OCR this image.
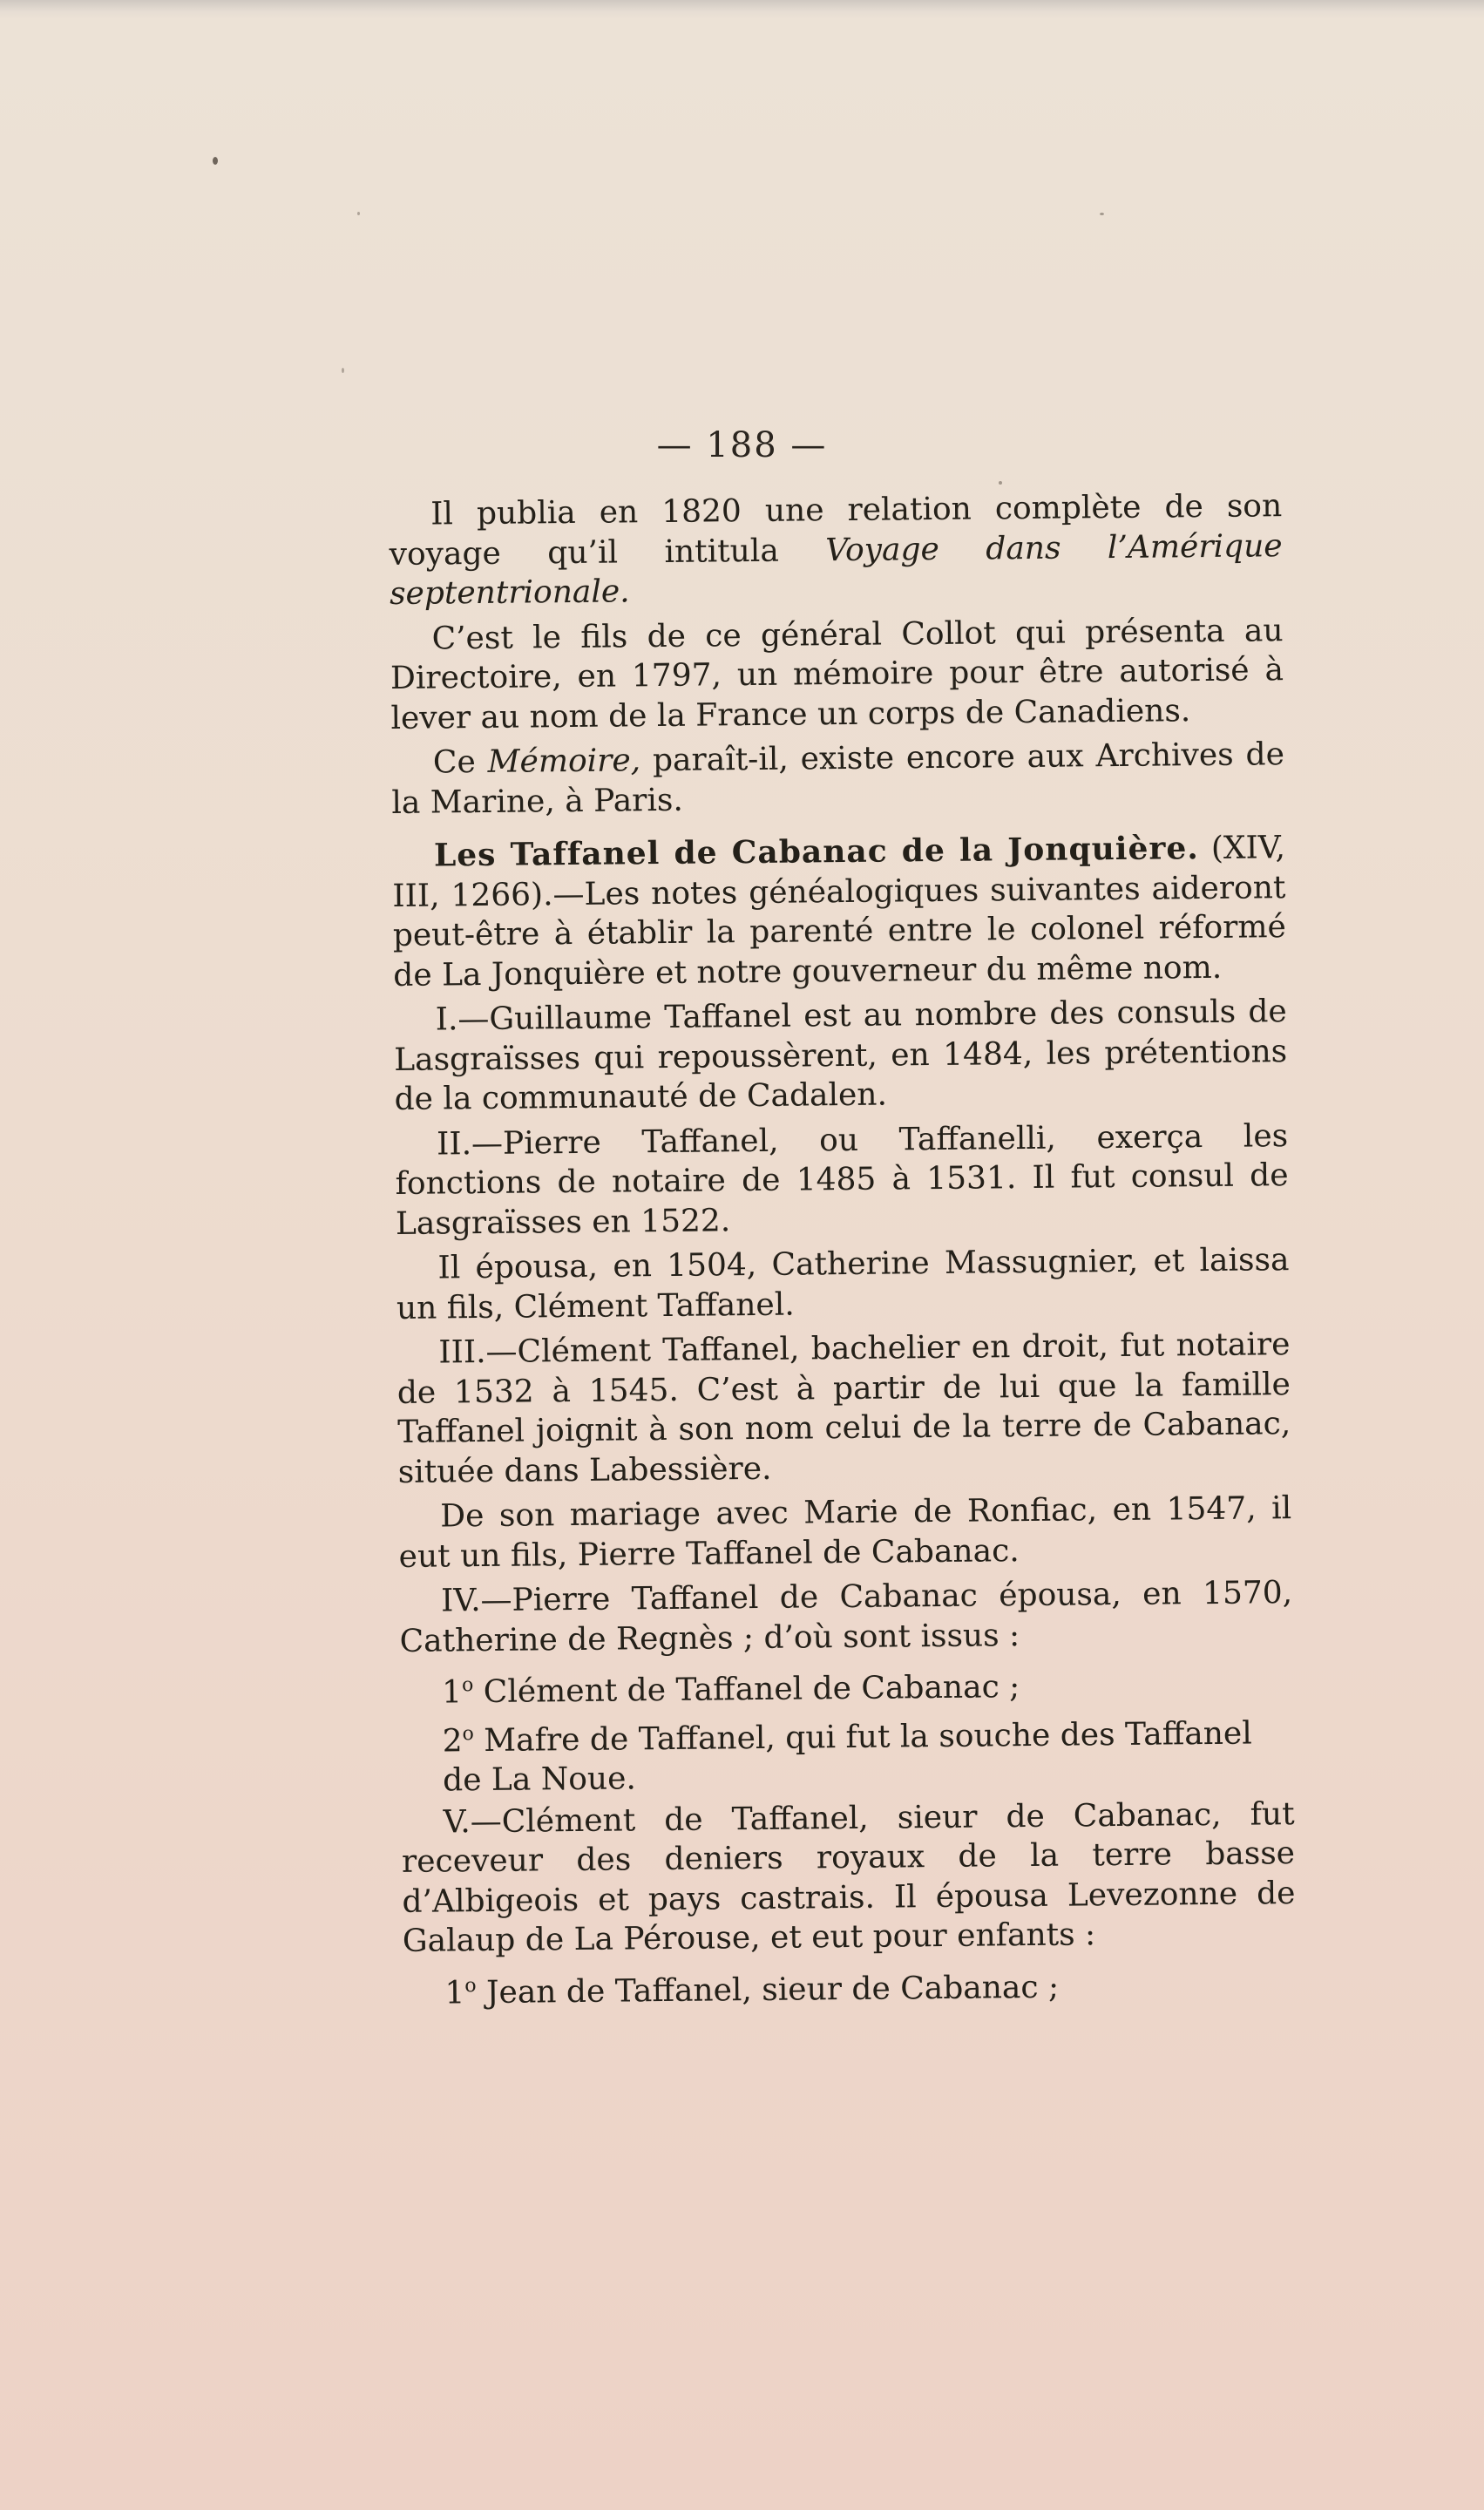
— 188 —

Il publia en 1820 une relation complète de son voyage qu’il intitula Voyage dans l’Amérique septentrionale.

C’est le fils de ce général Collot qui présenta au Directoire, en 1797, un mémoire pour être autorisé à lever au nom de la France un corps de Canadiens.

Ce Mémoire, paraît-il, existe encore aux Archives de la Marine, à Paris.

Les Taffanel de Cabanac de la Jonquière. (XIV, III, 1266).—Les notes généalogiques suivantes aideront peut-être à établir la parenté entre le colonel réformé de La Jonquière et notre gouverneur du même nom.

I.—Guillaume Taffanel est au nombre des consuls de Lasgraïsses qui repoussèrent, en 1484, les prétentions de la communauté de Cadalen.

II.—Pierre Taffanel, ou Taffanelli, exerça les fonctions de notaire de 1485 à 1531. Il fut consul de Lasgraïsses en 1522.

Il épousa, en 1504, Catherine Massugnier, et laissa un fils, Clément Taffanel.

III.—Clément Taffanel, bachelier en droit, fut notaire de 1532 à 1545. C’est à partir de lui que la famille Taffanel joignit à son nom celui de la terre de Cabanac, située dans Labessière.

De son mariage avec Marie de Ronfiac, en 1547, il eut un fils, Pierre Taffanel de Cabanac.

IV.—Pierre Taffanel de Cabanac épousa, en 1570, Catherine de Regnès ; d’où sont issus :

1$^o$ Clément de Taffanel de Cabanac ;

2$^o$ Mafre de Taffanel, qui fut la souche des Taffanel de La Noue.

V.—Clément de Taffanel, sieur de Cabanac, fut receveur des deniers royaux de la terre basse d’Albigeois et pays castrais. Il épousa Levezonne de Galaup de La Pérouse, et eut pour enfants :

1$^o$ Jean de Taffanel, sieur de Cabanac ;
